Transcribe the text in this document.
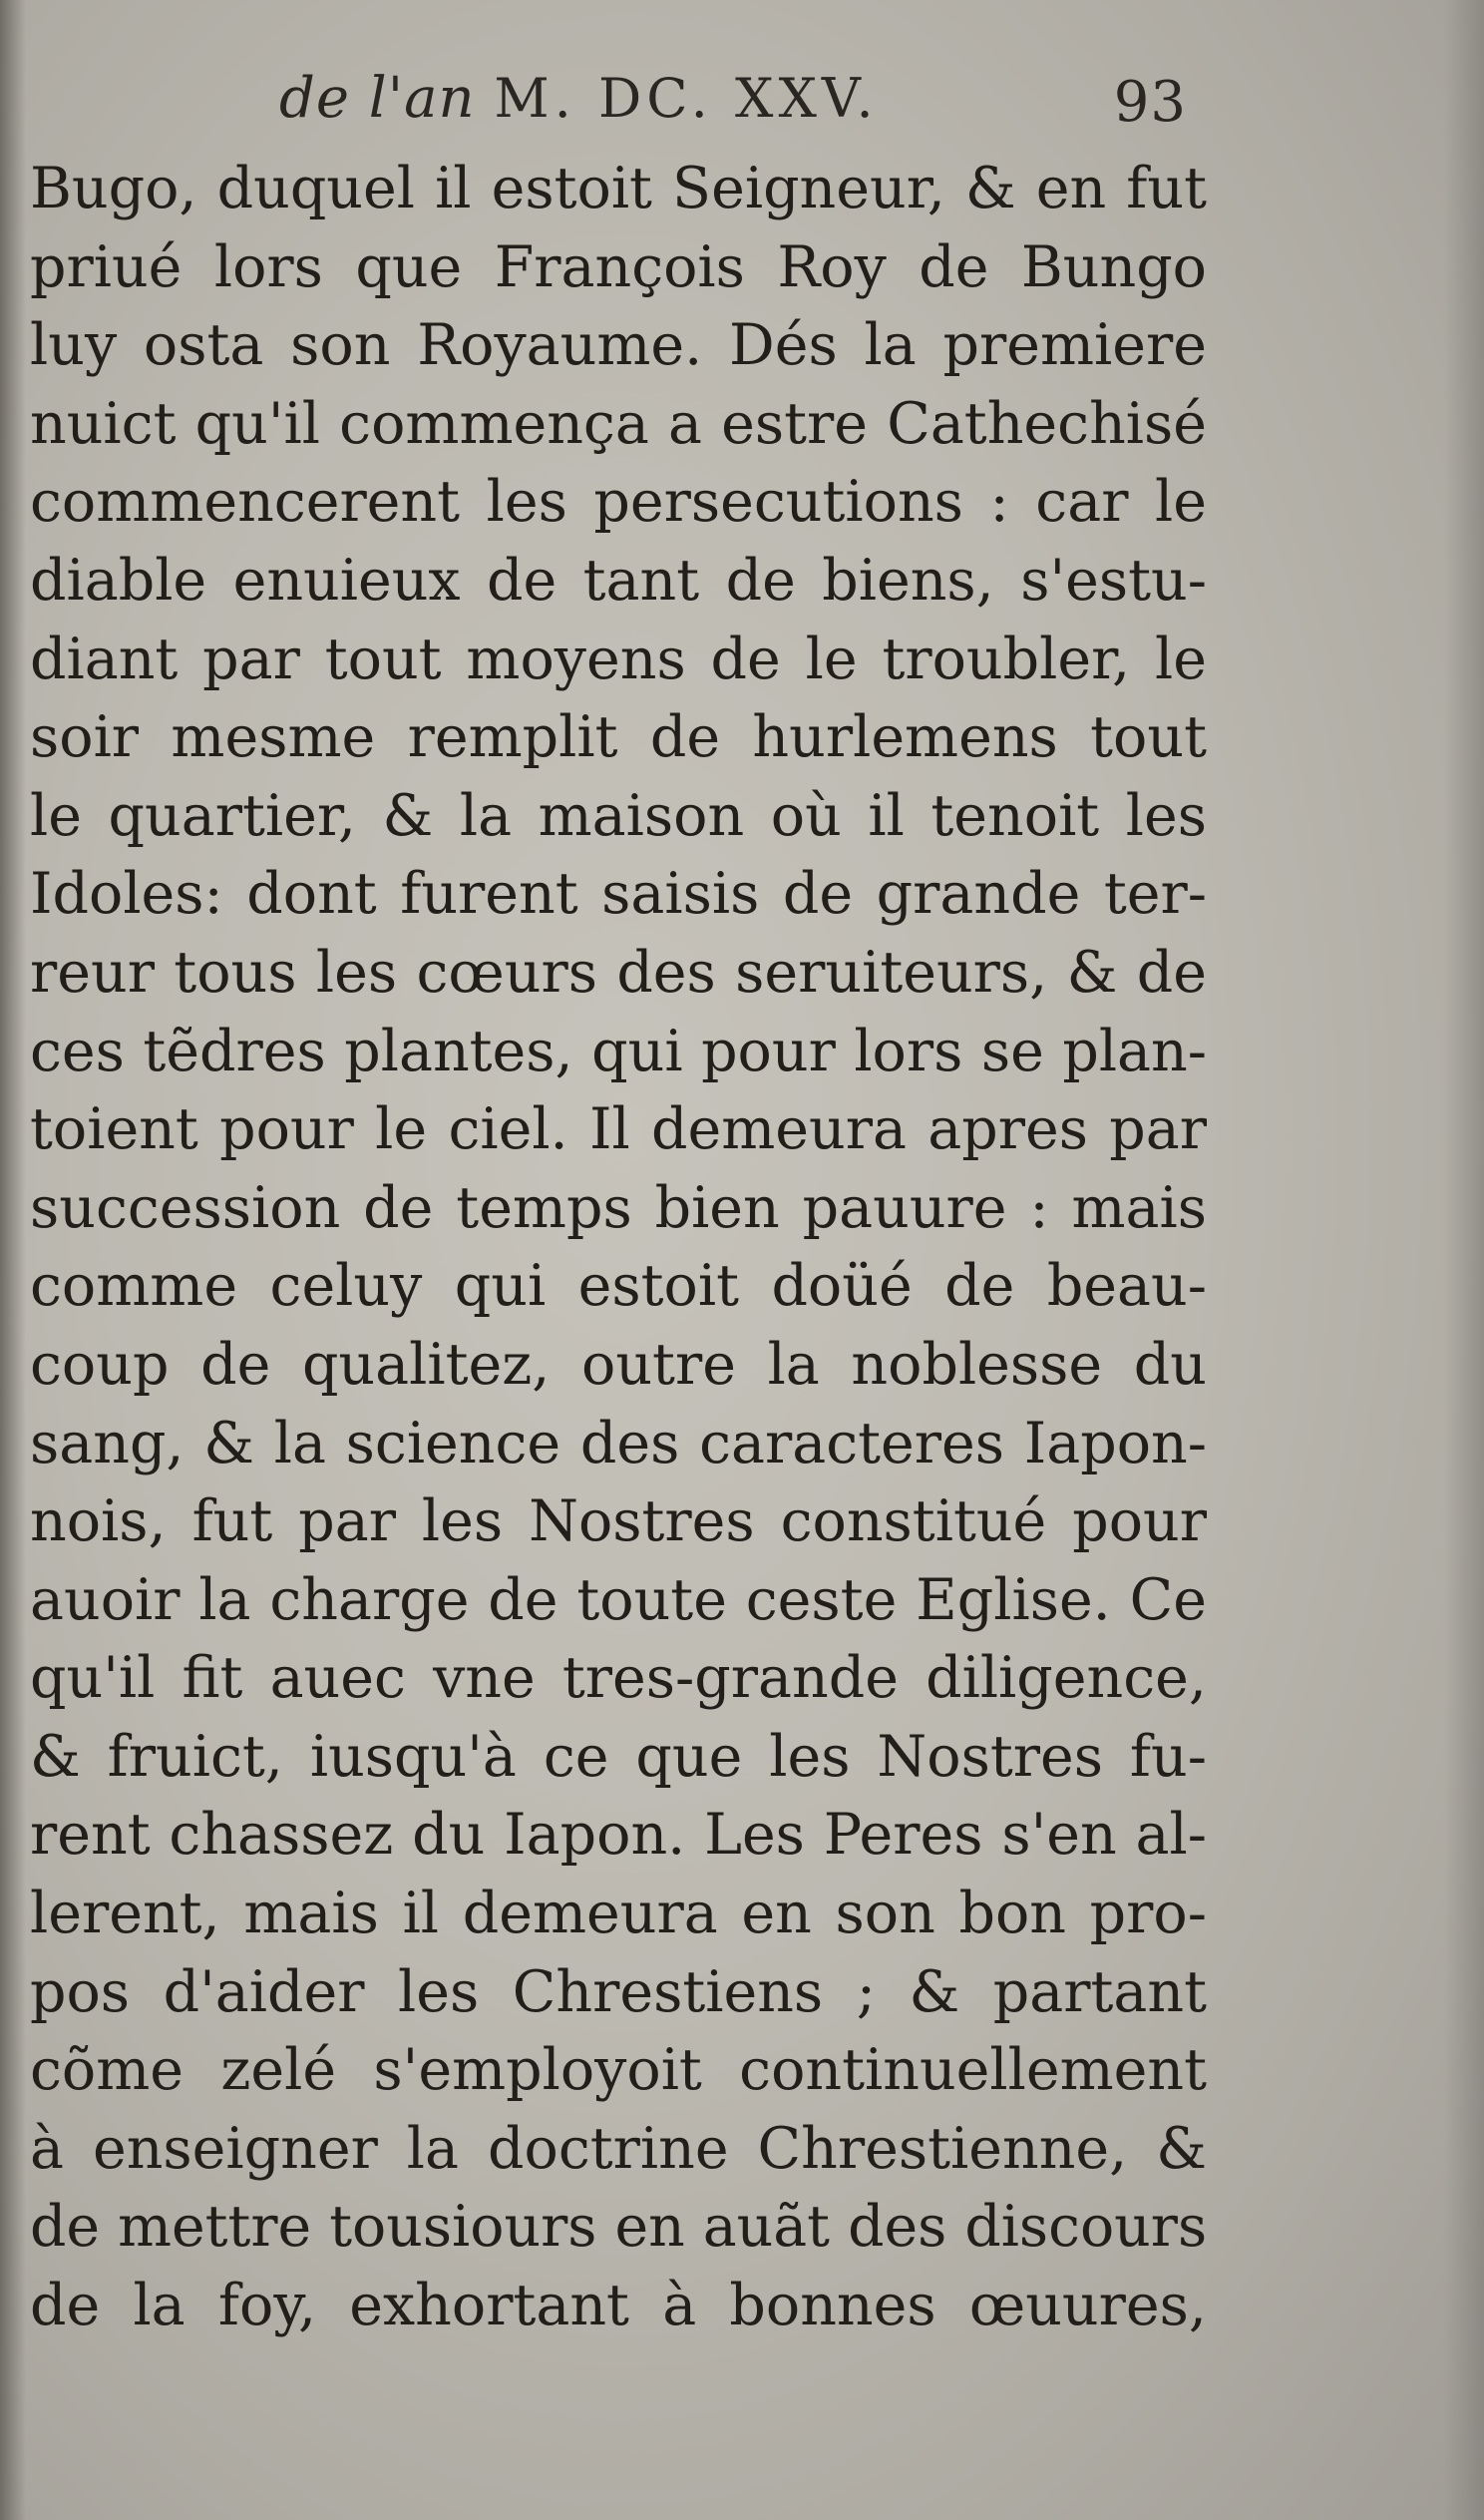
de l'an M. DC. XXV.	93
Bugo, duquel il estoit Seigneur, & en fut
priué lors que François Roy de Bungo
luy osta son Royaume. Dés la premiere
nuict qu'il commença a estre Cathechisé
commencerent les persecutions : car le
diable enuieux de tant de biens, s'estu-
diant par tout moyens de le troubler, le
soir mesme remplit de hurlemens tout
le quartier, & la maison où il tenoit les
Idoles: dont furent saisis de grande ter-
reur tous les cœurs des seruiteurs, & de
ces tẽdres plantes, qui pour lors se plan-
toient pour le ciel. Il demeura apres par
succession de temps bien pauure : mais
comme celuy qui estoit doüé de beau-
coup de qualitez, outre la noblesse du
sang, & la science des caracteres Iapon-
nois, fut par les Nostres constitué pour
auoir la charge de toute ceste Eglise. Ce
qu'il fit auec vne tres-grande diligence,
& fruict, iusqu'à ce que les Nostres fu-
rent chassez du Iapon. Les Peres s'en al-
lerent, mais il demeura en son bon pro-
pos d'aider les Chrestiens ; & partant
cõme zelé s'employoit continuellement
à enseigner la doctrine Chrestienne, &
de mettre tousiours en auãt des discours
de la foy, exhortant à bonnes œuures,
